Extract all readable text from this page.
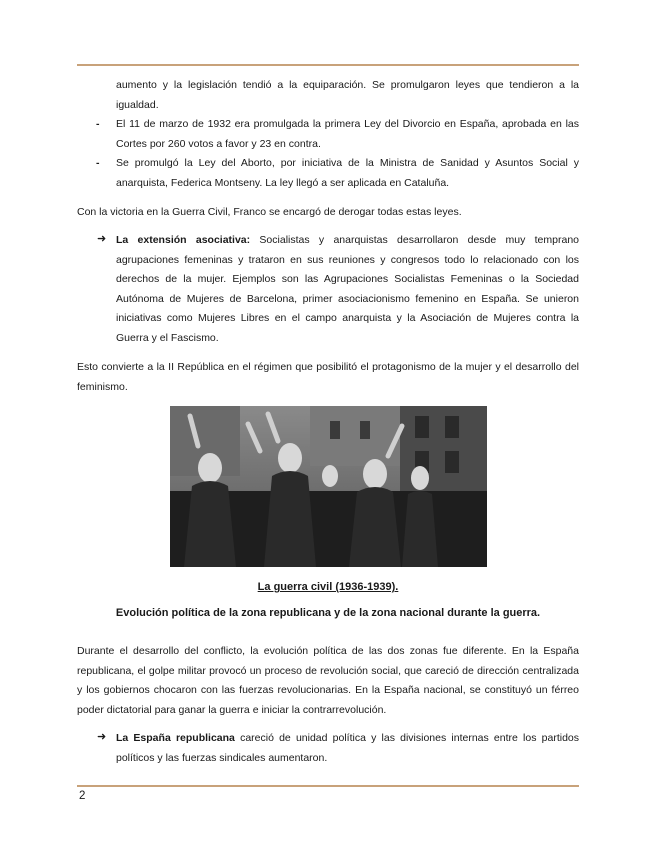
aumento y la legislación tendió a la equiparación. Se promulgaron leyes que tendieron a la igualdad.
- El 11 de marzo de 1932 era promulgada la primera Ley del Divorcio en España, aprobada en las Cortes por 260 votos a favor y 23 en contra.
- Se promulgó la Ley del Aborto, por iniciativa de la Ministra de Sanidad y Asuntos Social y anarquista, Federica Montseny. La ley llegó a ser aplicada en Cataluña.
Con la victoria en la Guerra Civil, Franco se encargó de derogar todas estas leyes.
➜ La extensión asociativa: Socialistas y anarquistas desarrollaron desde muy temprano agrupaciones femeninas y trataron en sus reuniones y congresos todo lo relacionado con los derechos de la mujer. Ejemplos son las Agrupaciones Socialistas Femeninas o la Sociedad Autónoma de Mujeres de Barcelona, primer asociacionismo femenino en España. Se unieron iniciativas como Mujeres Libres en el campo anarquista y la Asociación de Mujeres contra la Guerra y el Fascismo.
Esto convierte a la II República en el régimen que posibilitó el protagonismo de la mujer y el desarrollo del feminismo.
La guerra civil (1936-1939).
Evolución política de la zona republicana y de la zona nacional durante la guerra.
Durante el desarrollo del conflicto, la evolución política de las dos zonas fue diferente. En la España republicana, el golpe militar provocó un proceso de revolución social, que careció de dirección centralizada y los gobiernos chocaron con las fuerzas revolucionarias. En la España nacional, se constituyó un férreo poder dictatorial para ganar la guerra e iniciar la contrarrevolución.
➜ La España republicana careció de unidad política y las divisiones internas entre los partidos políticos y las fuerzas sindicales aumentaron.
2
